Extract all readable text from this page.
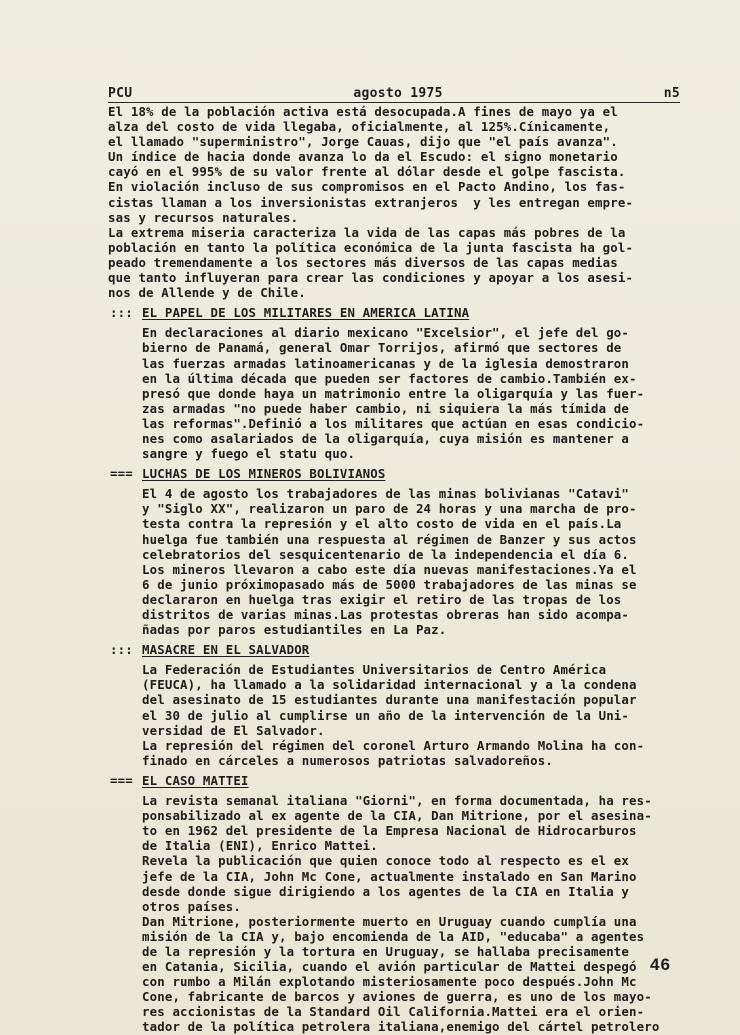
PCU	agosto 1975	n5

El 18% de la población activa está desocupada.A fines de mayo ya el
alza del costo de vida llegaba, oficialmente, al 125%.Cínicamente,
el llamado "superministro", Jorge Cauas, dijo que "el país avanza".
Un índice de hacia donde avanza lo da el Escudo: el signo monetario
cayó en el 995% de su valor frente al dólar desde el golpe fascista.
En violación incluso de sus compromisos en el Pacto Andino, los fas-
cistas llaman a los inversionistas extranjeros  y les entregan empre-
sas y recursos naturales.
La extrema miseria caracteriza la vida de las capas más pobres de la
población en tanto la política económica de la junta fascista ha gol-
peado tremendamente a los sectores más diversos de las capas medias
que tanto influyeran para crear las condiciones y apoyar a los asesi-
nos de Allende y de Chile.

::: EL PAPEL DE LOS MILITARES EN AMERICA LATINA

En declaraciones al diario mexicano "Excelsior", el jefe del go-
bierno de Panamá, general Omar Torrijos, afirmó que sectores de
las fuerzas armadas latinoamericanas y de la iglesia demostraron
en la última década que pueden ser factores de cambio.También ex-
presó que donde haya un matrimonio entre la oligarquía y las fuer-
zas armadas "no puede haber cambio, ni siquiera la más tímida de
las reformas".Definió a los militares que actúan en esas condicio-
nes como asalariados de la oligarquía, cuya misión es mantener a
sangre y fuego el statu quo.

=== LUCHAS DE LOS MINEROS BOLIVIANOS

El 4 de agosto los trabajadores de las minas bolivianas "Catavi"
y "Siglo XX", realizaron un paro de 24 horas y una marcha de pro-
testa contra la represión y el alto costo de vida en el país.La
huelga fue también una respuesta al régimen de Banzer y sus actos
celebratorios del sesquicentenario de la independencia el día 6.
Los mineros llevaron a cabo este día nuevas manifestaciones.Ya el
6 de junio próximopasado más de 5000 trabajadores de las minas se
declararon en huelga tras exigir el retiro de las tropas de los
distritos de varias minas.Las protestas obreras han sido acompa-
ñadas por paros estudiantiles en La Paz.

::: MASACRE EN EL SALVADOR

La Federación de Estudiantes Universitarios de Centro América
(FEUCA), ha llamado a la solidaridad internacional y a la condena
del asesinato de 15 estudiantes durante una manifestación popular
el 30 de julio al cumplirse un año de la intervención de la Uni-
versidad de El Salvador.
La represión del régimen del coronel Arturo Armando Molina ha con-
finado en cárceles a numerosos patriotas salvadoreños.

=== EL CASO MATTEI

La revista semanal italiana "Giorni", en forma documentada, ha res-
ponsabilizado al ex agente de la CIA, Dan Mitrione, por el asesina-
to en 1962 del presidente de la Empresa Nacional de Hidrocarburos
de Italia (ENI), Enrico Mattei.
Revela la publicación que quien conoce todo al respecto es el ex
jefe de la CIA, John Mc Cone, actualmente instalado en San Marino
desde donde sigue dirigiendo a los agentes de la CIA en Italia y
otros países.
Dan Mitrione, posteriormente muerto en Uruguay cuando cumplía una
misión de la CIA y, bajo encomienda de la AID, "educaba" a agentes
de la represión y la tortura en Uruguay, se hallaba precisamente
en Catania, Sicilia, cuando el avión particular de Mattei despegó
con rumbo a Milán explotando misteriosamente poco después.John Mc
Cone, fabricante de barcos y aviones de guerra, es uno de los mayo-
res accionistas de la Standard Oil California.Mattei era el orien-
tador de la política petrolera italiana,enemigo del cártel petrolero

46
